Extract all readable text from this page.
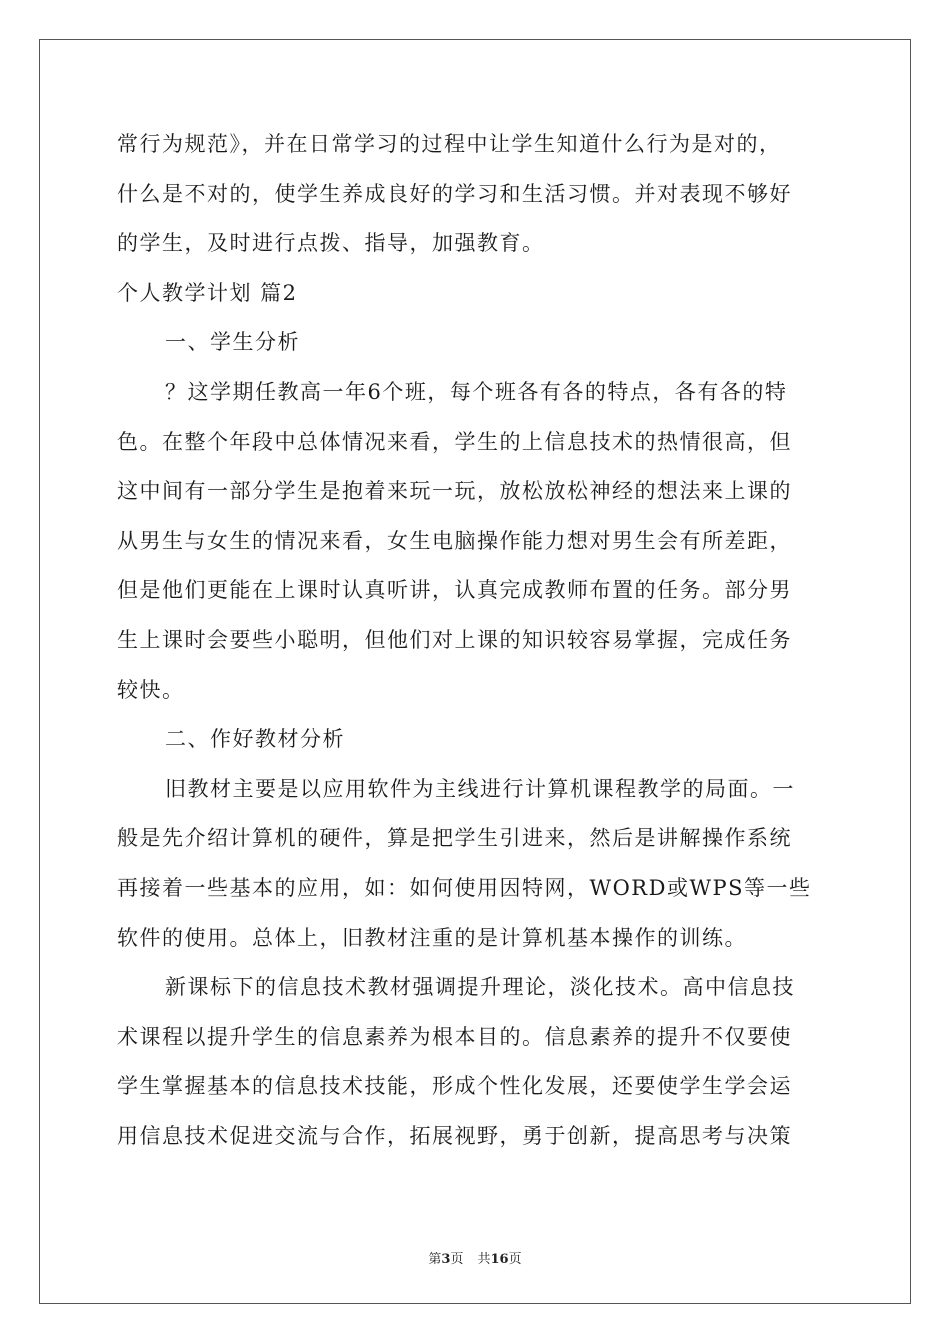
常行为规范》，并在日常学习的过程中让学生知道什么行为是对的，
什么是不对的，使学生养成良好的学习和生活习惯。并对表现不够好
的学生，及时进行点拨、指导，加强教育。
个人教学计划 篇2
一、学生分析
？这学期任教高一年6个班，每个班各有各的特点，各有各的特
色。在整个年段中总体情况来看，学生的上信息技术的热情很高，但
这中间有一部分学生是抱着来玩一玩，放松放松神经的想法来上课的
从男生与女生的情况来看，女生电脑操作能力想对男生会有所差距，
但是他们更能在上课时认真听讲，认真完成教师布置的任务。部分男
生上课时会要些小聪明，但他们对上课的知识较容易掌握，完成任务
较快。
二、作好教材分析
旧教材主要是以应用软件为主线进行计算机课程教学的局面。一
般是先介绍计算机的硬件，算是把学生引进来，然后是讲解操作系统
再接着一些基本的应用，如：如何使用因特网，WORD或WPS等一些
软件的使用。总体上，旧教材注重的是计算机基本操作的训练。
新课标下的信息技术教材强调提升理论，淡化技术。高中信息技
术课程以提升学生的信息素养为根本目的。信息素养的提升不仅要使
学生掌握基本的信息技术技能，形成个性化发展，还要使学生学会运
用信息技术促进交流与合作，拓展视野，勇于创新，提高思考与决策
第3页 共16页
